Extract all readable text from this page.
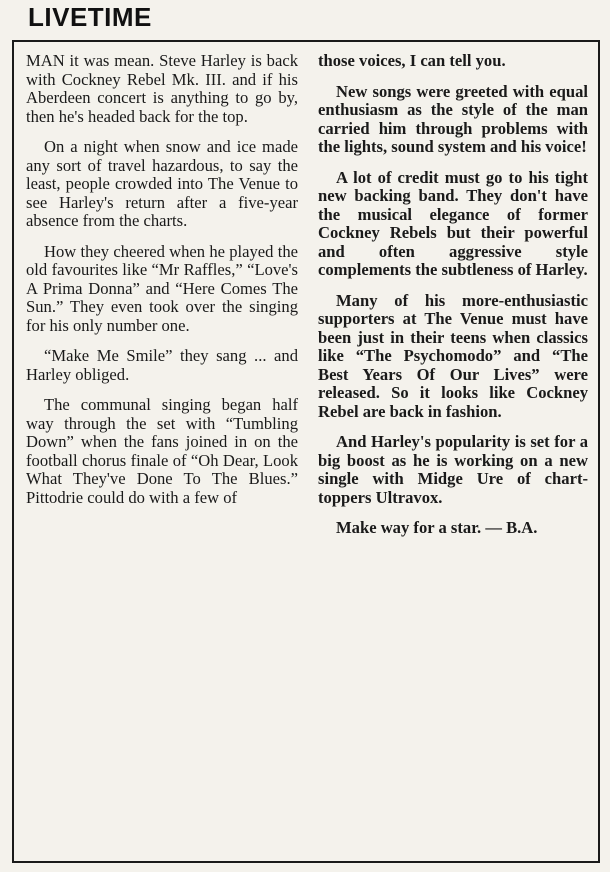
LIVETIME

MAN it was mean. Steve Harley is back with Cockney Rebel Mk. III. and if his Aberdeen concert is anything to go by, then he's headed back for the top.

On a night when snow and ice made any sort of travel hazardous, to say the least, people crowded into The Venue to see Harley's return after a five-year absence from the charts.

How they cheered when he played the old favourites like “Mr Raffles,” “Love's A Prima Donna” and “Here Comes The Sun.” They even took over the singing for his only number one.

“Make Me Smile” they sang ... and Harley obliged.

The communal singing began half way through the set with “Tumbling Down” when the fans joined in on the football chorus finale of “Oh Dear, Look What They've Done To The Blues.” Pittodrie could do with a few of

those voices, I can tell you.

New songs were greeted with equal enthusiasm as the style of the man carried him through problems with the lights, sound system and his voice!

A lot of credit must go to his tight new backing band. They don't have the musical elegance of former Cockney Rebels but their powerful and often aggressive style complements the subtleness of Harley.

Many of his more-enthusiastic supporters at The Venue must have been just in their teens when classics like “The Psychomodo” and “The Best Years Of Our Lives” were released. So it looks like Cockney Rebel are back in fashion.

And Harley's popularity is set for a big boost as he is working on a new single with Midge Ure of chart-toppers Ultravox.

Make way for a star. — B.A.
